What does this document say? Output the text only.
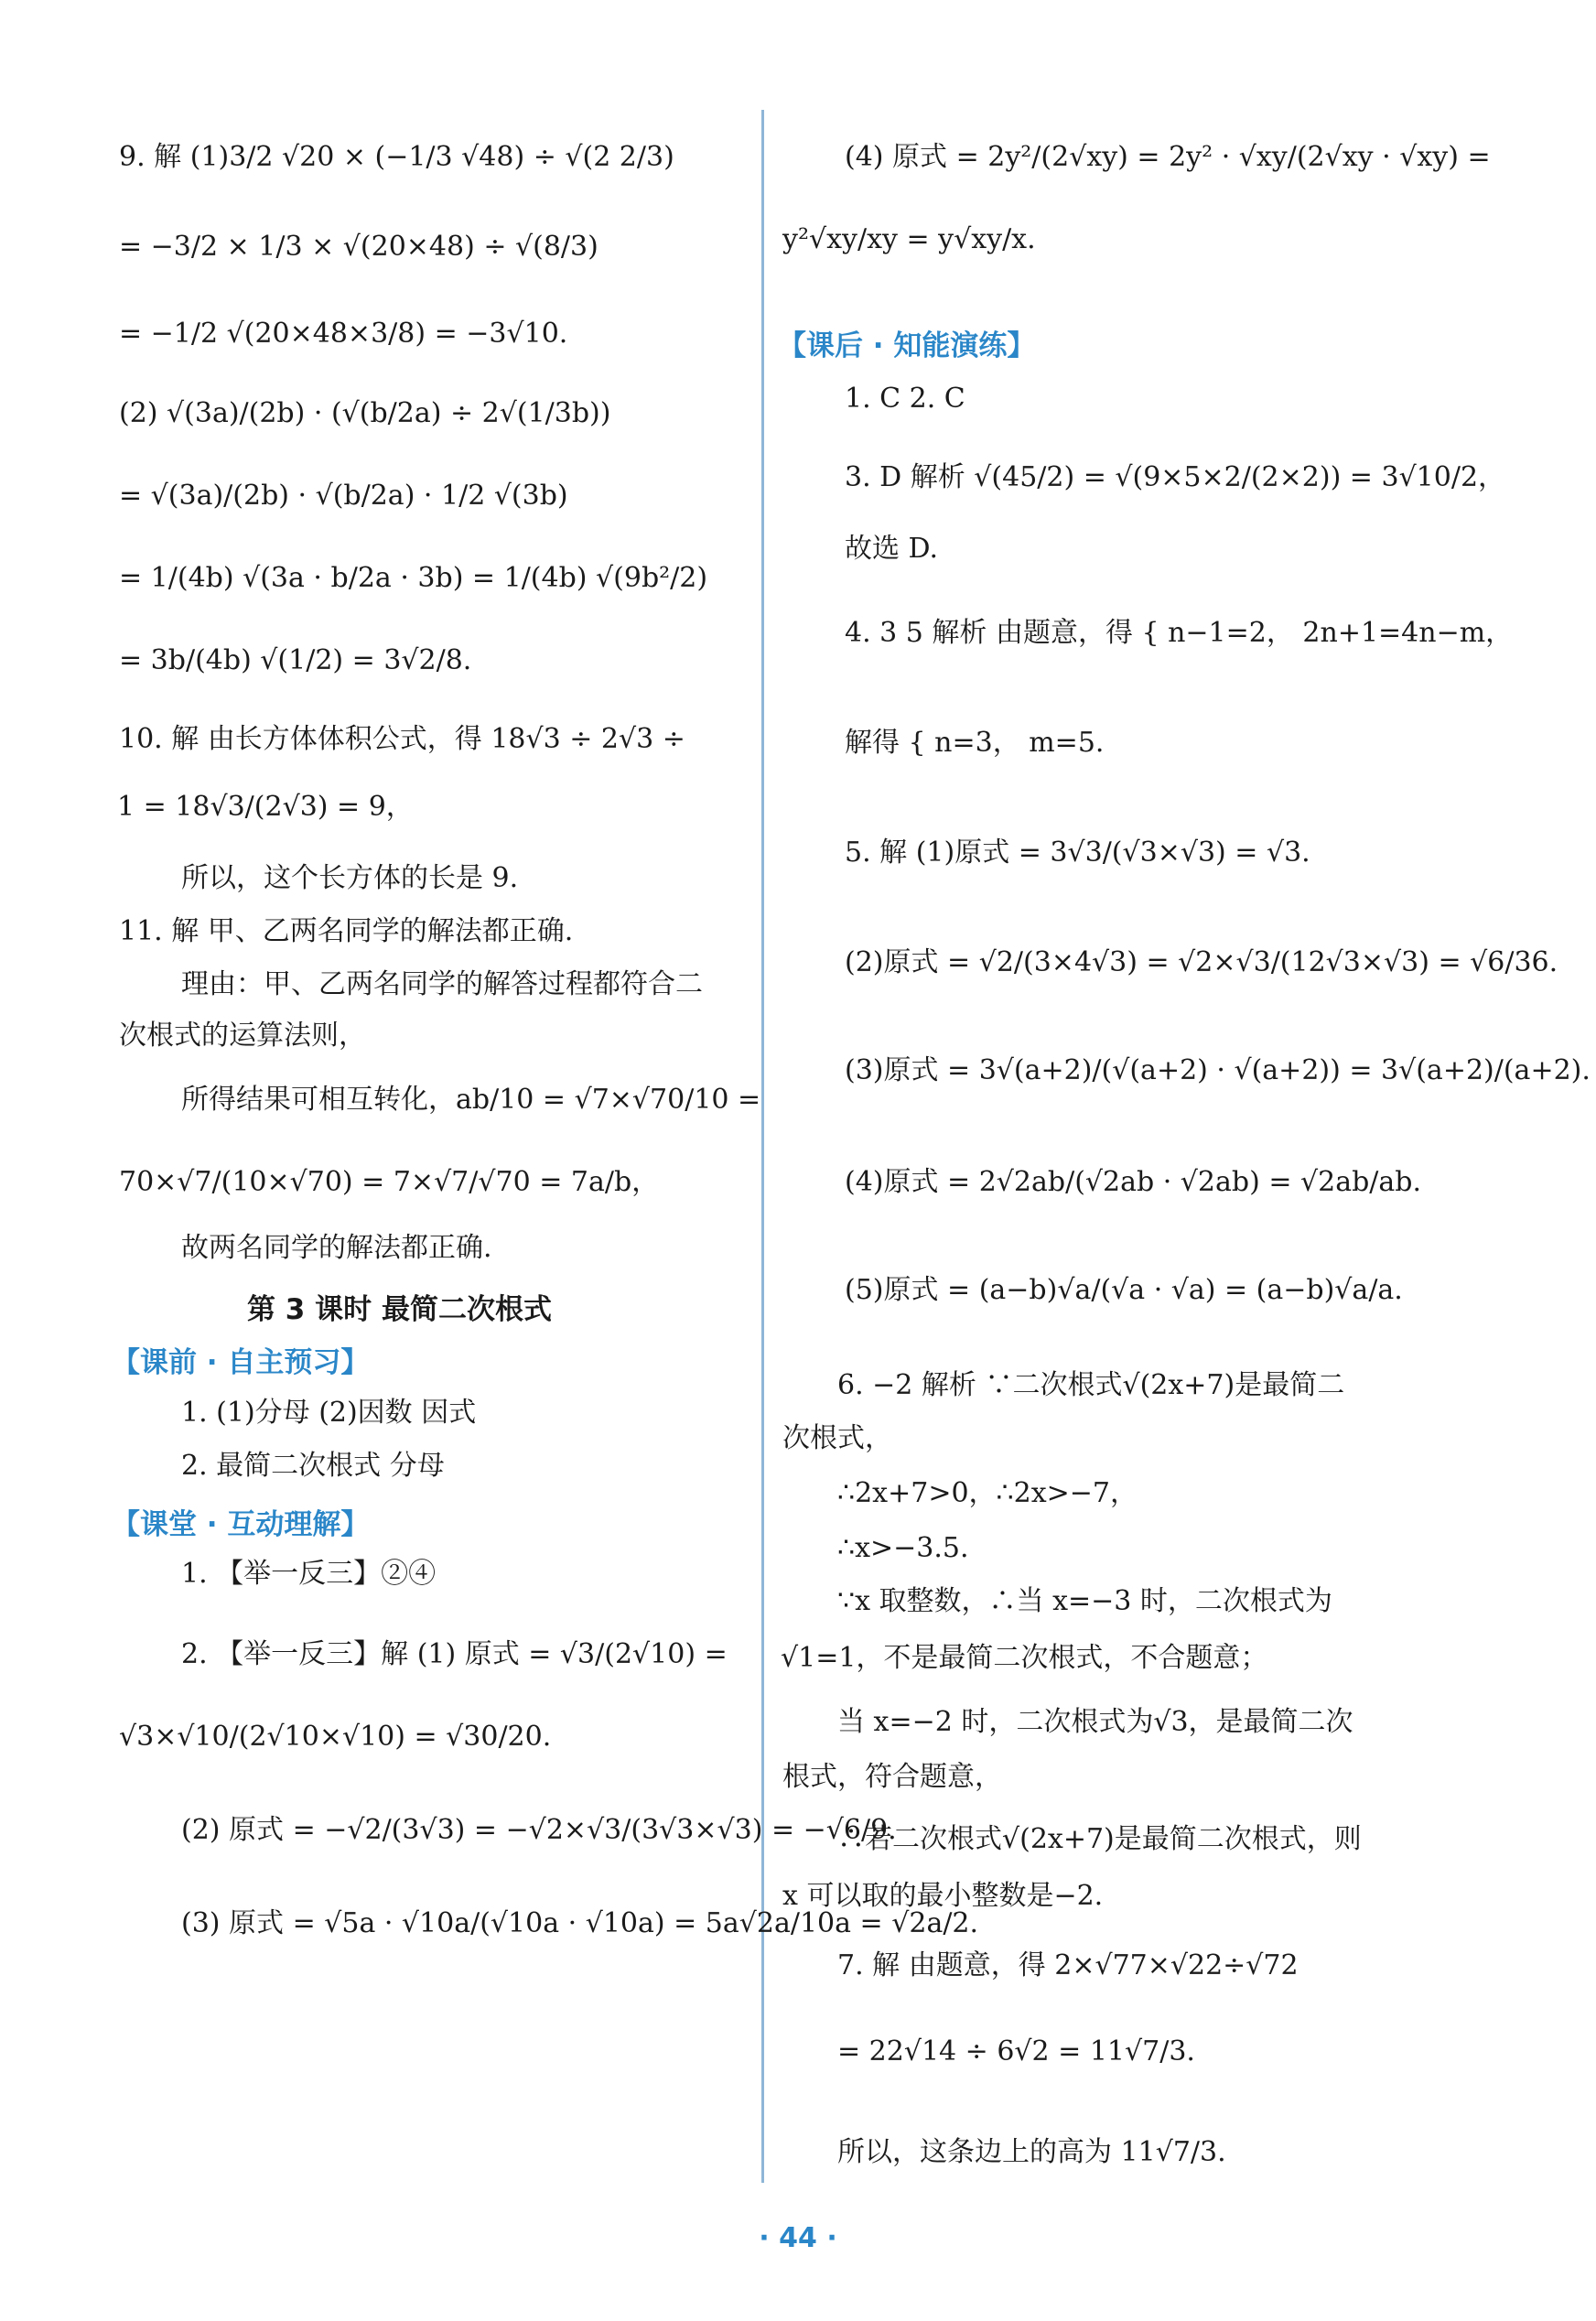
9. 解 (1)3/2 √20 × (−1/3 √48) ÷ √(2 2/3)
= −3/2 × 1/3 × √(20×48) ÷ √(8/3)
= −1/2 √(20×48×3/8) = −3√10.
(2) √(3a)/(2b) · (√(b/2a) ÷ 2√(1/3b))
= √(3a)/(2b) · √(b/2a) · 1/2 √(3b)
= 1/(4b) √(3a · b/2a · 3b) = 1/(4b) √(9b²/2)
= 3b/(4b) √(1/2) = 3√2/8.
10. 解 由长方体体积公式，得 18√3 ÷ 2√3 ÷
1 = 18√3/(2√3) = 9，
所以，这个长方体的长是 9.
11. 解 甲、乙两名同学的解法都正确.
理由：甲、乙两名同学的解答过程都符合二
次根式的运算法则，
所得结果可相互转化，ab/10 = √7×√70/10 =
70×√7/(10×√70) = 7×√7/√70 = 7a/b，
故两名同学的解法都正确.
第 3 课时 最简二次根式
【课前 · 自主预习】
1. (1)分母 (2)因数 因式
2. 最简二次根式 分母
【课堂 · 互动理解】
1. 【举一反三】②④
2. 【举一反三】解 (1) 原式 = √3/(2√10) =
√3×√10/(2√10×√10) = √30/20.
(2) 原式 = −√2/(3√3) = −√2×√3/(3√3×√3) = −√6/9.
(3) 原式 = √5a · √10a/(√10a · √10a) = 5a√2a/10a = √2a/2.
(4) 原式 = 2y²/(2√xy) = 2y² · √xy/(2√xy · √xy) =
y²√xy/xy = y√xy/x.
【课后 · 知能演练】
1. C 2. C
3. D 解析 √(45/2) = √(9×5×2/(2×2)) = 3√10/2，
故选 D.
4. 3 5 解析 由题意，得 { n−1=2， 2n+1=4n−m，
解得 { n=3， m=5.
5. 解 (1)原式 = 3√3/(√3×√3) = √3.
(2)原式 = √2/(3×4√3) = √2×√3/(12√3×√3) = √6/36.
(3)原式 = 3√(a+2)/(√(a+2) · √(a+2)) = 3√(a+2)/(a+2).
(4)原式 = 2√2ab/(√2ab · √2ab) = √2ab/ab.
(5)原式 = (a−b)√a/(√a · √a) = (a−b)√a/a.
6. −2 解析 ∵二次根式√(2x+7)是最简二
次根式，
∴2x+7>0，∴2x>−7，
∴x>−3.5.
∵x 取整数，∴当 x=−3 时，二次根式为
√1=1，不是最简二次根式，不合题意；
当 x=−2 时，二次根式为√3，是最简二次
根式，符合题意，
∴若二次根式√(2x+7)是最简二次根式，则
x 可以取的最小整数是−2.
7. 解 由题意，得 2×√77×√22÷√72
= 22√14 ÷ 6√2 = 11√7/3.
所以，这条边上的高为 11√7/3.
· 44 ·
